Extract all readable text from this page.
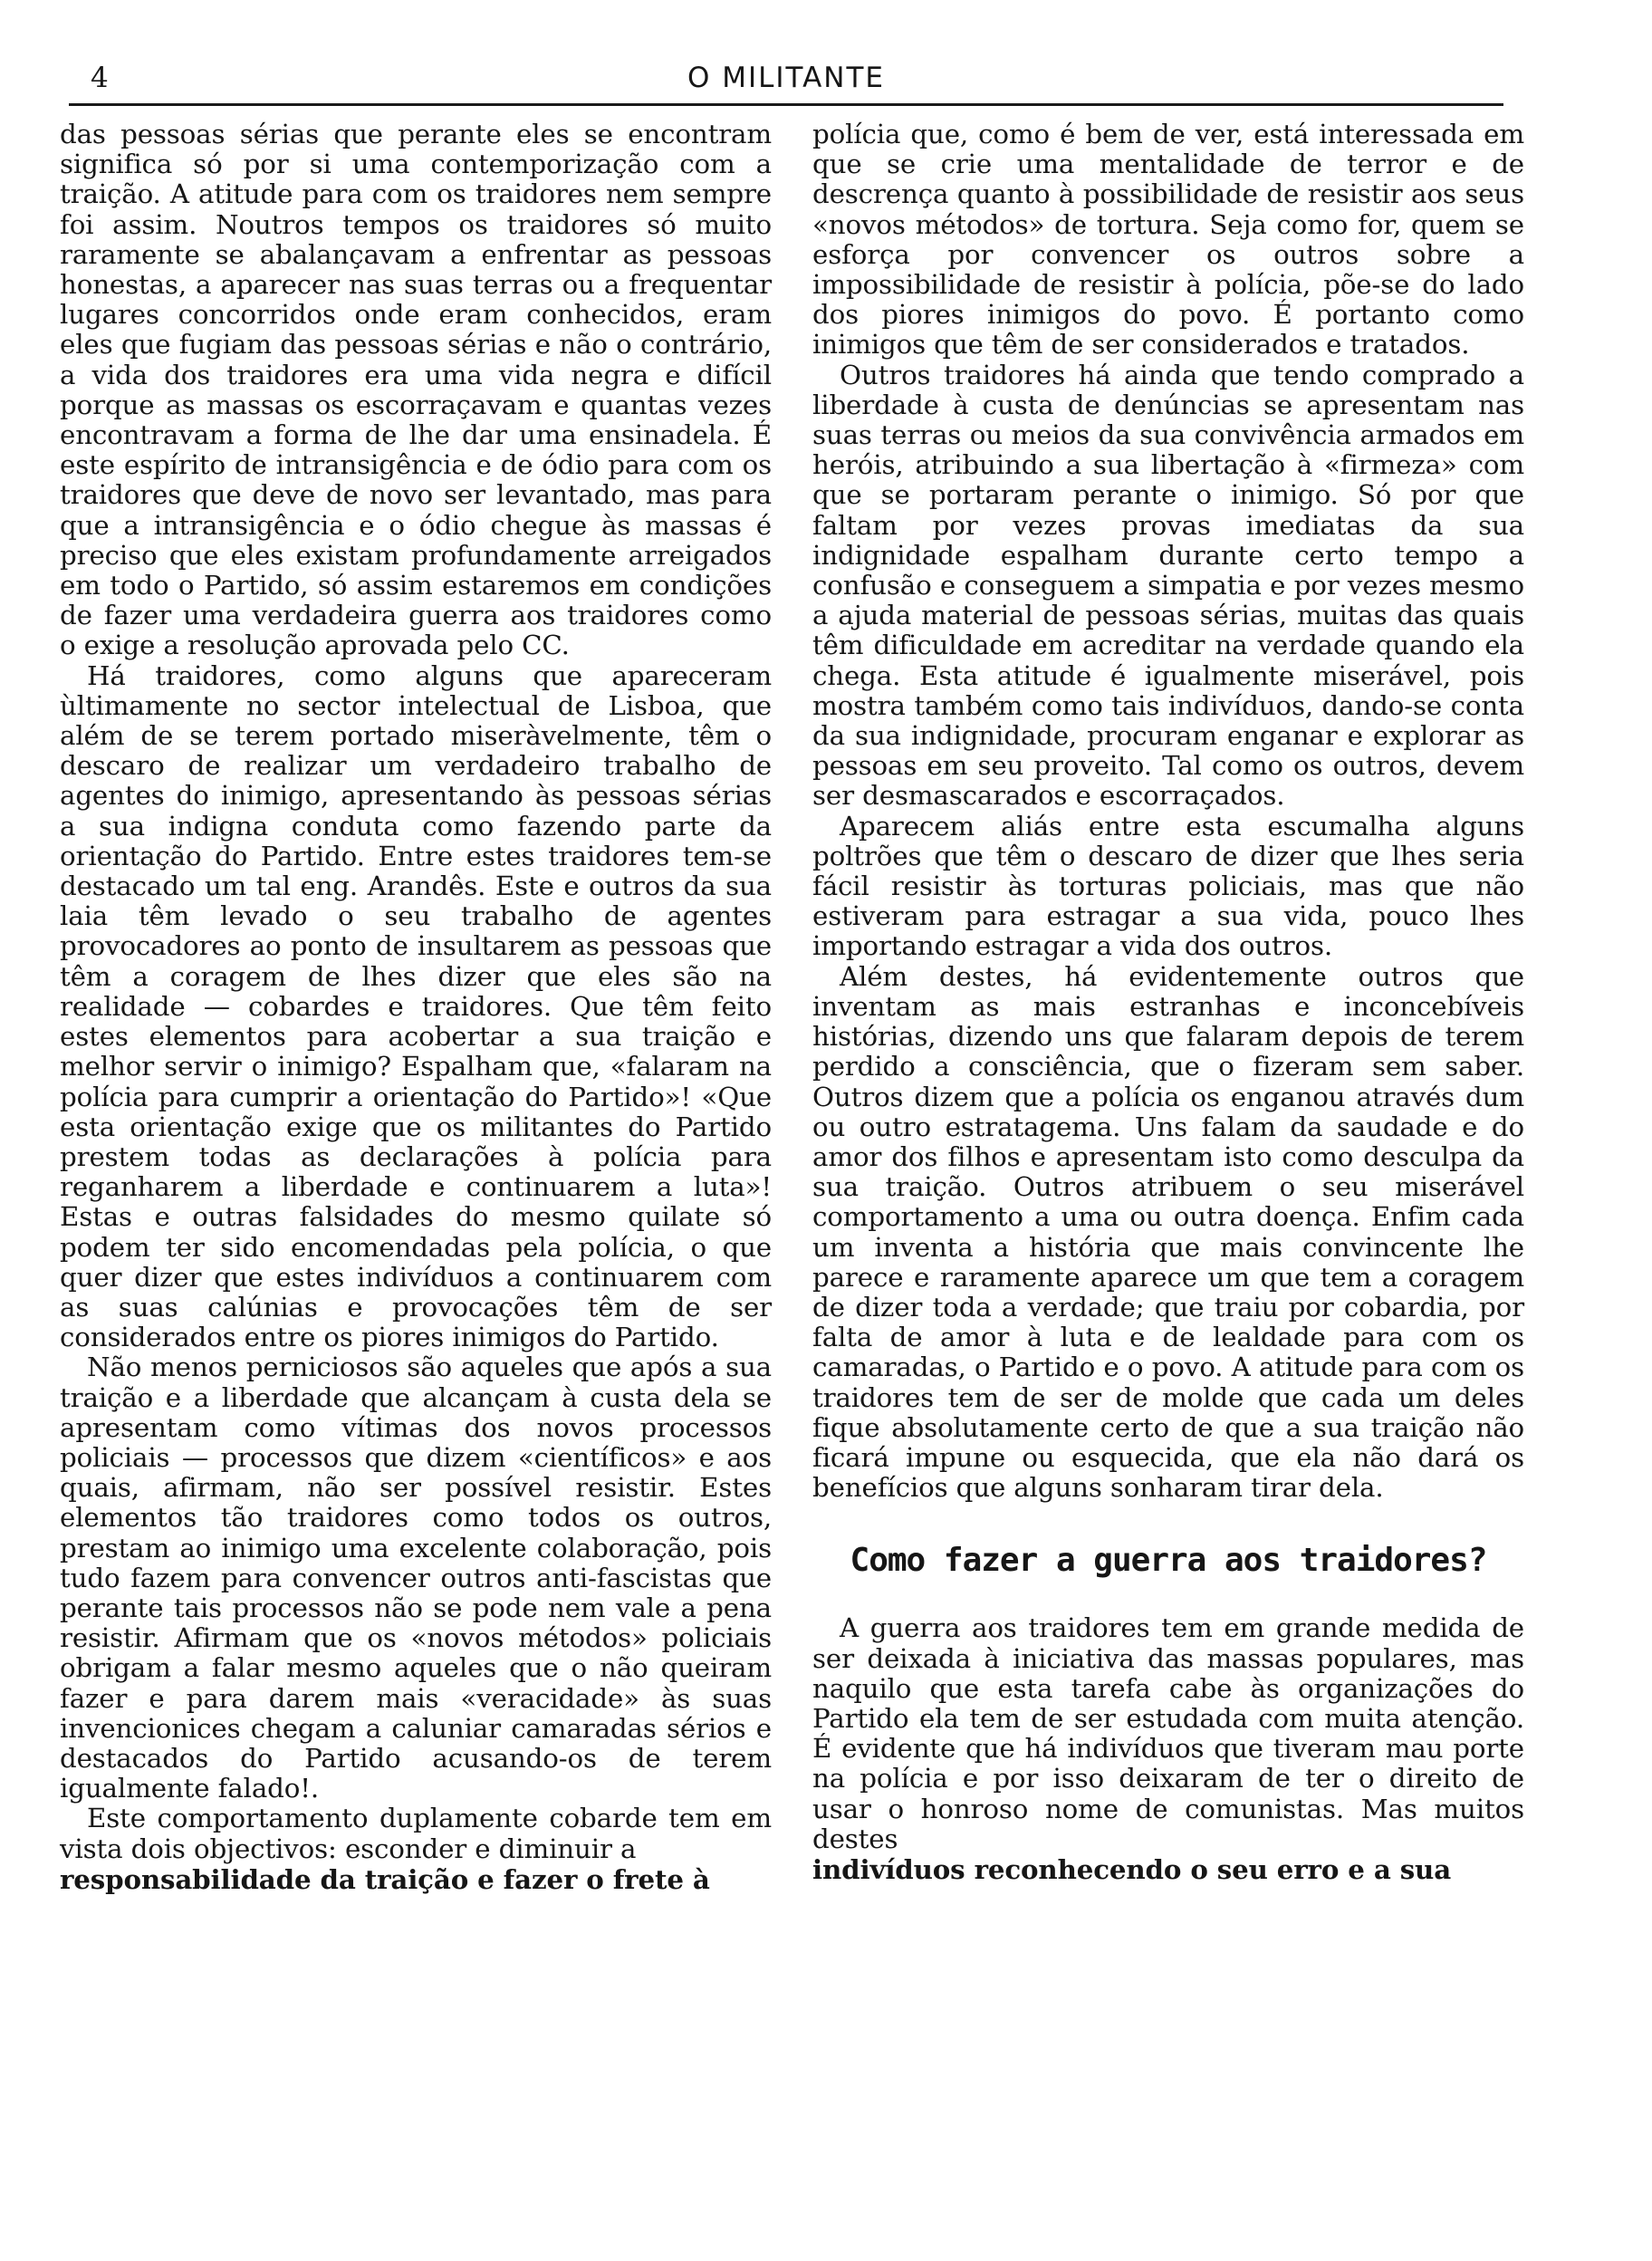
4	O MILITANTE

das pessoas sérias que perante eles se encontram significa só por si uma contemporização com a traição. A atitude para com os traidores nem sempre foi assim. Noutros tempos os traidores só muito raramente se abalançavam a enfrentar as pessoas honestas, a aparecer nas suas terras ou a frequentar lugares concorridos onde eram conhecidos, eram eles que fugiam das pessoas sérias e não o contrário, a vida dos traidores era uma vida negra e difícil porque as massas os escorraçavam e quantas vezes encontravam a forma de lhe dar uma ensinadela. É este espírito de intransigência e de ódio para com os traidores que deve de novo ser levantado, mas para que a intransigência e o ódio chegue às massas é preciso que eles existam profundamente arreigados em todo o Partido, só assim estaremos em condições de fazer uma verdadeira guerra aos traidores como o exige a resolução aprovada pelo CC.

Há traidores, como alguns que apareceram ùltimamente no sector intelectual de Lisboa, que além de se terem portado miseràvelmente, têm o descaro de realizar um verdadeiro trabalho de agentes do inimigo, apresentando às pessoas sérias a sua indigna conduta como fazendo parte da orientação do Partido. Entre estes traidores tem-se destacado um tal eng. Arandês. Este e outros da sua laia têm levado o seu trabalho de agentes provocadores ao ponto de insultarem as pessoas que têm a coragem de lhes dizer que eles são na realidade — cobardes e traidores. Que têm feito estes elementos para acobertar a sua traição e melhor servir o inimigo? Espalham que, «falaram na polícia para cumprir a orientação do Partido»! «Que esta orientação exige que os militantes do Partido prestem todas as declarações à polícia para reganharem a liberdade e continuarem a luta»! Estas e outras falsidades do mesmo quilate só podem ter sido encomendadas pela polícia, o que quer dizer que estes indivíduos a continuarem com as suas calúnias e provocações têm de ser considerados entre os piores inimigos do Partido.

Não menos perniciosos são aqueles que após a sua traição e a liberdade que alcançam à custa dela se apresentam como vítimas dos novos processos policiais — processos que dizem «científicos» e aos quais, afirmam, não ser possível resistir. Estes elementos tão traidores como todos os outros, prestam ao inimigo uma excelente colaboração, pois tudo fazem para convencer outros anti-fascistas que perante tais processos não se pode nem vale a pena resistir. Afirmam que os «novos métodos» policiais obrigam a falar mesmo aqueles que o não queiram fazer e para darem mais «veracidade» às suas invencionices chegam a caluniar camaradas sérios e destacados do Partido acusando-os de terem igualmente falado!.

Este comportamento duplamente cobarde tem em vista dois objectivos: esconder e diminuir a

responsabilidade da traição e fazer o frete à

polícia que, como é bem de ver, está interessada em que se crie uma mentalidade de terror e de descrença quanto à possibilidade de resistir aos seus «novos métodos» de tortura. Seja como for, quem se esforça por convencer os outros sobre a impossibilidade de resistir à polícia, põe-se do lado dos piores inimigos do povo. É portanto como inimigos que têm de ser considerados e tratados.

Outros traidores há ainda que tendo comprado a liberdade à custa de denúncias se apresentam nas suas terras ou meios da sua convivência armados em heróis, atribuindo a sua libertação à «firmeza» com que se portaram perante o inimigo. Só por que faltam por vezes provas imediatas da sua indignidade espalham durante certo tempo a confusão e conseguem a simpatia e por vezes mesmo a ajuda material de pessoas sérias, muitas das quais têm dificuldade em acreditar na verdade quando ela chega. Esta atitude é igualmente miserável, pois mostra também como tais indivíduos, dando-se conta da sua indignidade, procuram enganar e explorar as pessoas em seu proveito. Tal como os outros, devem ser desmascarados e escorraçados.

Aparecem aliás entre esta escumalha alguns poltrões que têm o descaro de dizer que lhes seria fácil resistir às torturas policiais, mas que não estiveram para estragar a sua vida, pouco lhes importando estragar a vida dos outros.

Além destes, há evidentemente outros que inventam as mais estranhas e inconcebíveis histórias, dizendo uns que falaram depois de terem perdido a consciência, que o fizeram sem saber. Outros dizem que a polícia os enganou através dum ou outro estratagema. Uns falam da saudade e do amor dos filhos e apresentam isto como desculpa da sua traição. Outros atribuem o seu miserável comportamento a uma ou outra doença. Enfim cada um inventa a história que mais convincente lhe parece e raramente aparece um que tem a coragem de dizer toda a verdade; que traiu por cobardia, por falta de amor à luta e de lealdade para com os camaradas, o Partido e o povo. A atitude para com os traidores tem de ser de molde que cada um deles fique absolutamente certo de que a sua traição não ficará impune ou esquecida, que ela não dará os benefícios que alguns sonharam tirar dela.

Como fazer a guerra aos traidores?

A guerra aos traidores tem em grande medida de ser deixada à iniciativa das massas populares, mas naquilo que esta tarefa cabe às organizações do Partido ela tem de ser estudada com muita atenção. É evidente que há indivíduos que tiveram mau porte na polícia e por isso deixaram de ter o direito de usar o honroso nome de comunistas. Mas muitos destes

indivíduos reconhecendo o seu erro e a sua
